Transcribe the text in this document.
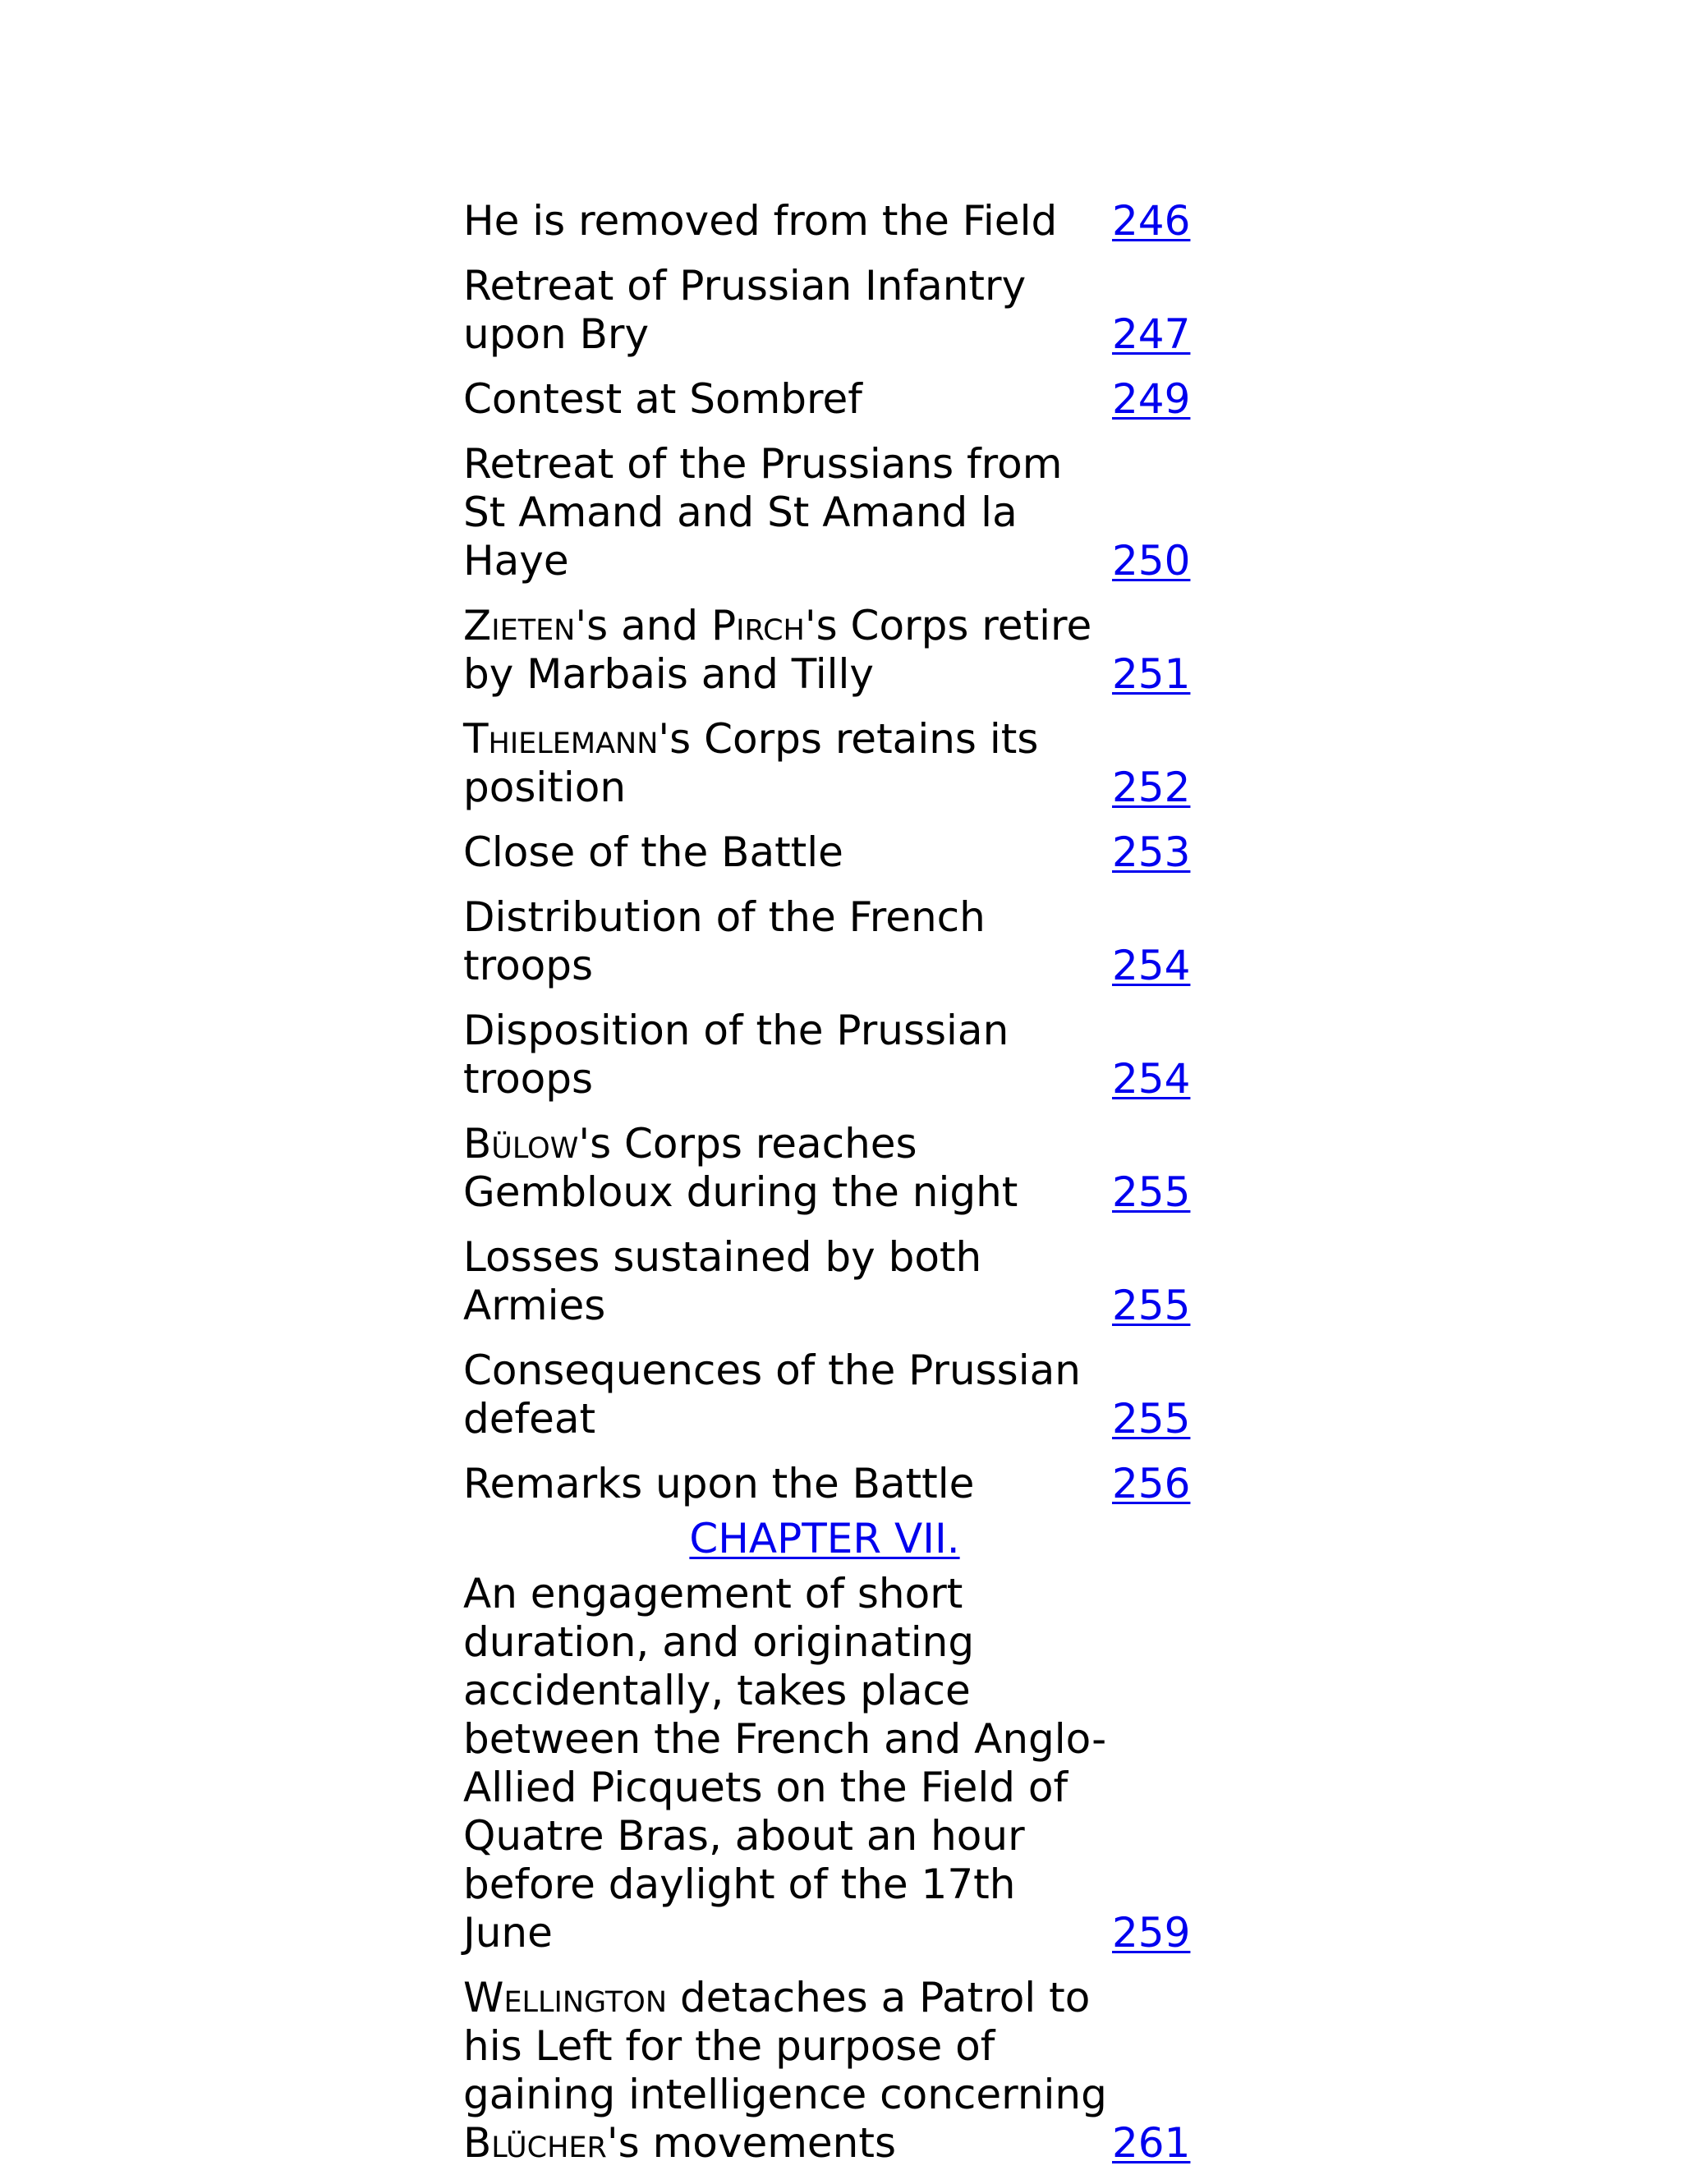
He is removed from the Field	246
Retreat of Prussian Infantry upon Bry	247
Contest at Sombref	249
Retreat of the Prussians from St Amand and St Amand la Haye	250
Zieten's and Pirch's Corps retire by Marbais and Tilly	251
Thielemann's Corps retains its position	252
Close of the Battle	253
Distribution of the French troops	254
Disposition of the Prussian troops	254
Bülow's Corps reaches Gembloux during the night	255
Losses sustained by both Armies	255
Consequences of the Prussian defeat	255
Remarks upon the Battle	256
CHAPTER VII.
An engagement of short duration, and originating accidentally, takes place between the French and Anglo-Allied Picquets on the Field of Quatre Bras, about an hour before daylight of the 17th June	259
Wellington detaches a Patrol to his Left for the purpose of gaining intelligence concerning Blücher's movements	261
